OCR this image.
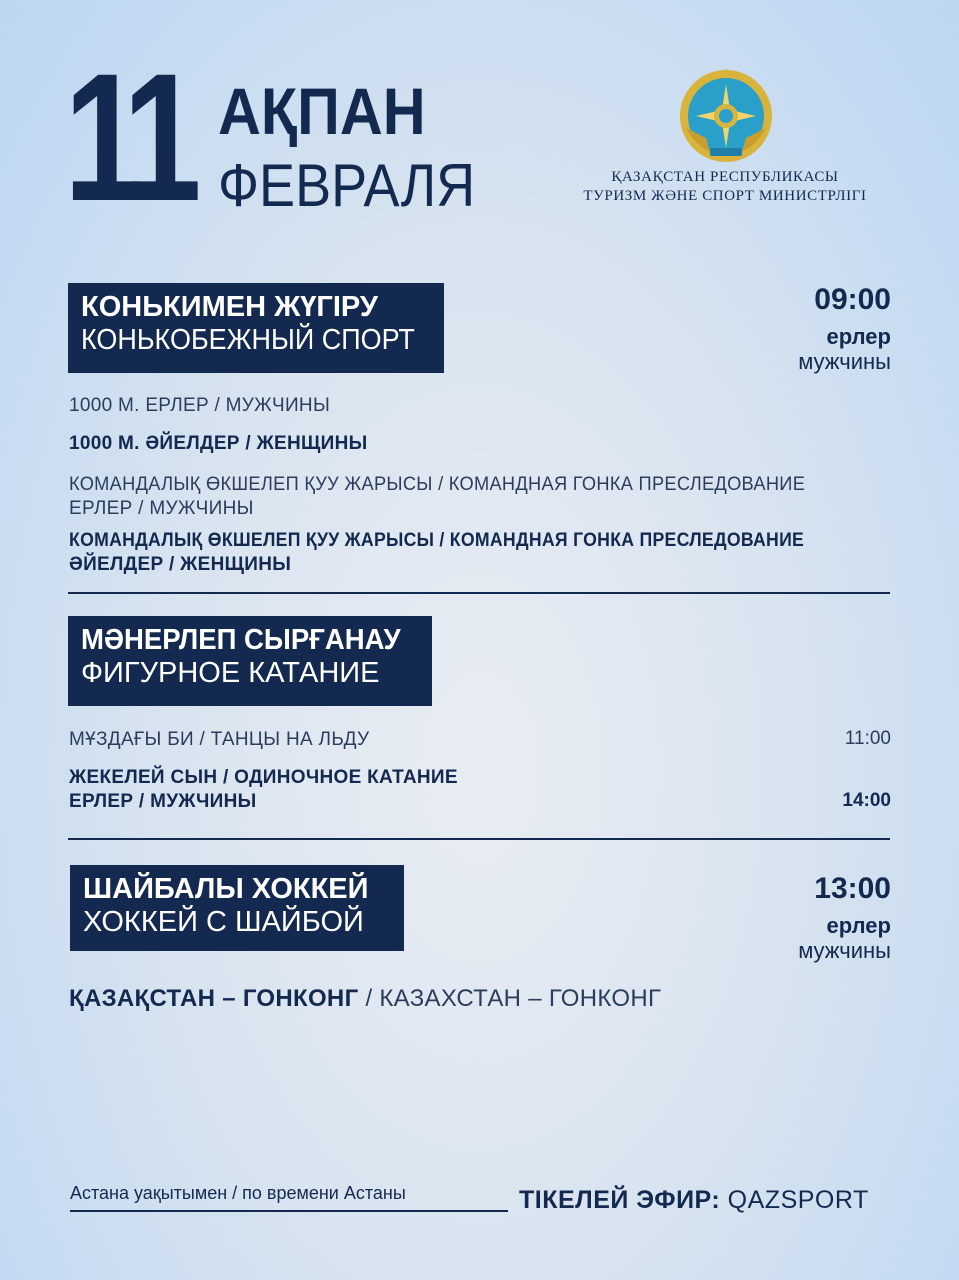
11 АҚПАН
ФЕВРАЛЯ	ҚАЗАҚСТАН РЕСПУБЛИКАСЫ
ТУРИЗМ ЖӘНЕ СПОРТ МИНИСТРЛІГІ
КОНЬКИМЕН ЖҮГІРУ
КОНЬКОБЕЖНЫЙ СПОРТ
09:00
ерлер
мужчины
1000 М. ЕРЛЕР / МУЖЧИНЫ
1000 М. ӘЙЕЛДЕР / ЖЕНЩИНЫ
КОМАНДАЛЫҚ ӨКШЕЛЕП ҚУУ ЖАРЫСЫ / КОМАНДНАЯ ГОНКА ПРЕСЛЕДОВАНИЕ
ЕРЛЕР / МУЖЧИНЫ
КОМАНДАЛЫҚ ӨКШЕЛЕП ҚУУ ЖАРЫСЫ / КОМАНДНАЯ ГОНКА ПРЕСЛЕДОВАНИЕ
ӘЙЕЛДЕР / ЖЕНЩИНЫ
МӘНЕРЛЕП СЫРҒАНАУ
ФИГУРНОЕ КАТАНИЕ
МҰЗДАҒЫ БИ / ТАНЦЫ НА ЛЬДУ	11:00
ЖЕКЕЛЕЙ СЫН / ОДИНОЧНОЕ КАТАНИЕ
ЕРЛЕР / МУЖЧИНЫ	14:00
ШАЙБАЛЫ ХОККЕЙ
ХОККЕЙ С ШАЙБОЙ
13:00
ерлер
мужчины
ҚАЗАҚСТАН – ГОНКОНГ / КАЗАХСТАН – ГОНКОНГ
Астана уақытымен / по времени Астаны	ТІКЕЛЕЙ ЭФИР: QAZSPORT
